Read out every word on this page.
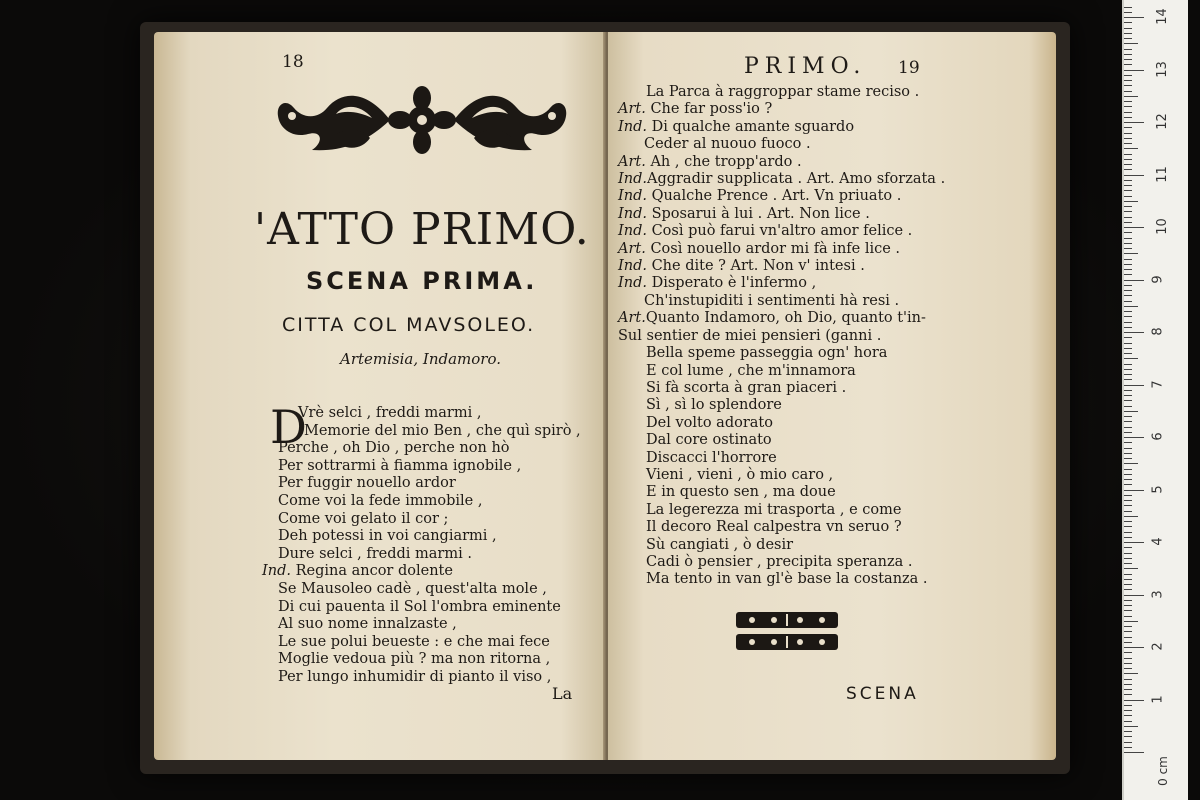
18
'ATTO PRIMO.
SCENA PRIMA.
CITTA COL MAVSOLEO.
Artemisia, Indamoro.
D
Vrè selci , freddi marmi ,
Memorie del mio Ben , che quì spirò ,
Perche , oh Dio , perche non hò
Per sottrarmi à fiamma ignobile ,
Per fuggir nouello ardor
Come voi la fede immobile ,
Come voi gelato il cor ;
Deh potessi in voi cangiarmi ,
Dure selci , freddi marmi .
Ind. Regina ancor dolente
Se Mausoleo cadè , quest'alta mole ,
Di cui pauenta il Sol l'ombra eminente
Al suo nome innalzaste ,
Le sue polui beueste : e che mai fece
Moglie vedoua più ? ma non ritorna ,
Per lungo inhumidir di pianto il viso ,
La
PRIMO. 19
La Parca à raggroppar stame reciso .
Art. Che far poss'io ?
Ind. Di qualche amante sguardo
Ceder al nuouo fuoco .
Art. Ah , che tropp'ardo .
Ind.Aggradir supplicata . Art. Amo sforzata .
Ind. Qualche Prence . Art. Vn priuato .
Ind. Sposarui à lui . Art. Non lice .
Ind. Così può farui vn'altro amor felice .
Art. Così nouello ardor mi fà infe lice .
Ind. Che dite ? Art. Non v' intesi .
Ind. Disperato è l'infermo ,
Ch'instupiditi i sentimenti hà resi .
Art.Quanto Indamoro, oh Dio, quanto t'in-
Sul sentier de miei pensieri (ganni .
Bella speme passeggia ogn' hora
E col lume , che m'innamora
Si fà scorta à gran piaceri .
Sì , sì lo splendore
Del volto adorato
Dal core ostinato
Discacci l'horrore
Vieni , vieni , ò mio caro ,
E in questo sen , ma doue
La legerezza mi trasporta , e come
Il decoro Real calpestra vn seruo ?
Sù cangiati , ò desir
Cadi ò pensier , precipita speranza .
Ma tento in van gl'è base la costanza .
SCENA
0 cm
1
2
3
4
5
6
7
8
9
10
11
12
13
14
